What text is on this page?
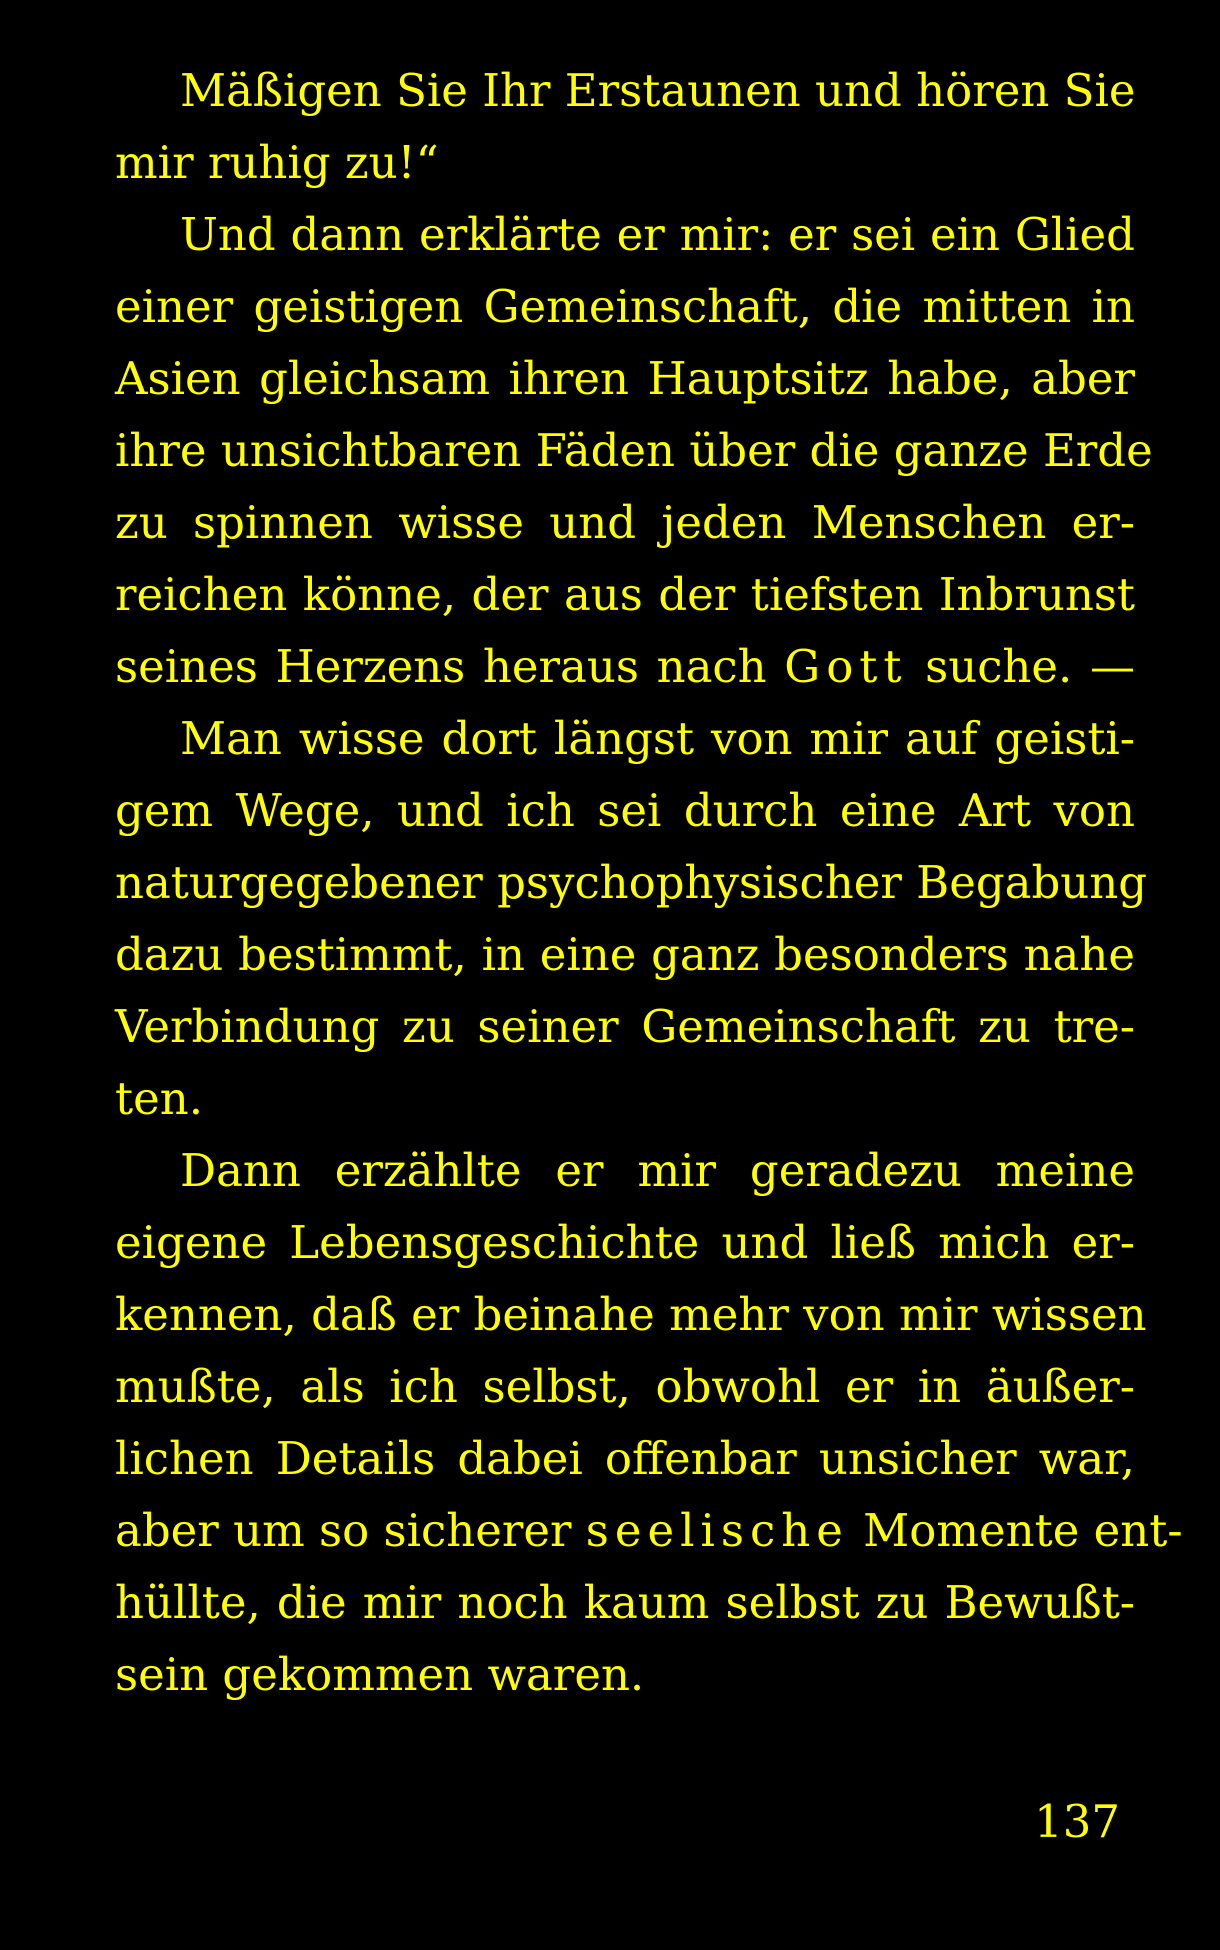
Mäßigen Sie Ihr Erstaunen und hören Sie
mir ruhig zu!“
Und dann erklärte er mir: er sei ein Glied
einer geistigen Gemeinschaft, die mitten in
Asien gleichsam ihren Hauptsitz habe, aber
ihre unsichtbaren Fäden über die ganze Erde
zu spinnen wisse und jeden Menschen er-
reichen könne, der aus der tiefsten Inbrunst
seines Herzens heraus nach Gott suche. —
Man wisse dort längst von mir auf geisti-
gem Wege, und ich sei durch eine Art von
naturgegebener psychophysischer Begabung
dazu bestimmt, in eine ganz besonders nahe
Verbindung zu seiner Gemeinschaft zu tre-
ten.
Dann erzählte er mir geradezu meine
eigene Lebensgeschichte und ließ mich er-
kennen, daß er beinahe mehr von mir wissen
mußte, als ich selbst, obwohl er in äußer-
lichen Details dabei offenbar unsicher war,
aber um so sicherer seelische Momente ent-
hüllte, die mir noch kaum selbst zu Bewußt-
sein gekommen waren.
137
